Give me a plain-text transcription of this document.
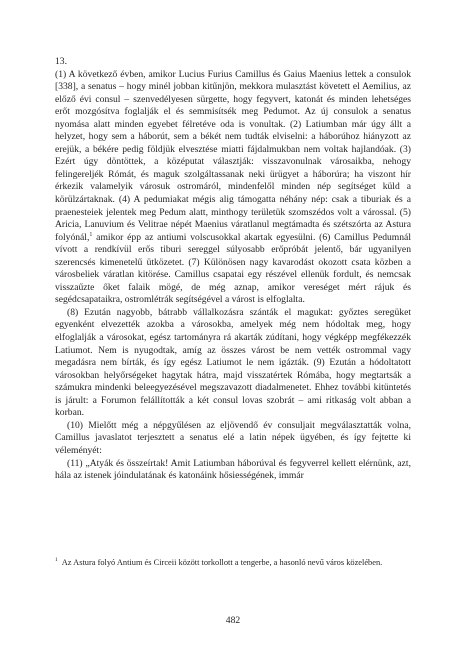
13.

(1) A következő évben, amikor Lucius Furius Camillus és Gaius Maenius lettek a consulok [338], a senatus – hogy minél jobban kitűnjön, mekkora mulasztást követett el Aemilius, az előző évi consul – szenvedélyesen sürgette, hogy fegyvert, katonát és minden lehetséges erőt mozgósítva foglalják el és semmisítsék meg Pedumot. Az új consulok a senatus nyomása alatt minden egyebet félretéve oda is vonultak. (2) Latiumban már úgy állt a helyzet, hogy sem a háborút, sem a békét nem tudták elviselni: a háborúhoz hiányzott az erejük, a békére pedig földjük elvesztése miatti fájdalmukban nem voltak hajlandóak. (3) Ezért úgy döntöttek, a középutat választják: visszavonulnak városaikba, nehogy felingereljék Rómát, és maguk szolgáltassanak neki ürügyet a háborúra; ha viszont hír érkezik valamelyik városuk ostromáról, mindenfelől minden nép segítséget küld a körülzártaknak. (4) A pedumiakat mégis alig támogatta néhány nép: csak a tiburiak és a praenesteiek jelentek meg Pedum alatt, minthogy területük szomszédos volt a várossal. (5) Aricia, Lanuvium és Velitrae népét Maenius váratlanul megtámadta és szétszórta az Astura folyónál,$^1$ amikor épp az antiumi volscusokkal akartak egyesülni. (6) Camillus Pedumnál vívott a rendkívül erős tiburi sereggel súlyosabb erőpróbát jelentő, bár ugyanilyen szerencsés kimenetelű ütközetet. (7) Különösen nagy kavarodást okozott csata közben a városbeliek váratlan kitörése. Camillus csapatai egy részével ellenük fordult, és nemcsak visszaűzte őket falaik mögé, de még aznap, amikor vereséget mért rájuk és segédcsapataikra, ostromlétrák segítségével a várost is elfoglalta.

(8) Ezután nagyobb, bátrabb vállalkozásra szánták el magukat: győztes seregüket egyenként elvezették azokba a városokba, amelyek még nem hódoltak meg, hogy elfoglalják a városokat, egész tartományra rá akarták zúdítani, hogy végképp megfékezzék Latiumot. Nem is nyugodtak, amíg az összes várost be nem vették ostrommal vagy megadásra nem bírták, és így egész Latiumot le nem igázták. (9) Ezután a hódoltatott városokban helyőrségeket hagytak hátra, majd visszatértek Rómába, hogy megtartsák a számukra mindenki beleegyezésével megszavazott diadalmenetet. Ehhez további kitüntetés is járult: a Forumon felállították a két consul lovas szobrát – ami ritkaság volt abban a korban.

(10) Mielőtt még a népgyűlésen az eljövendő év consuljait megválasztatták volna, Camillus javaslatot terjesztett a senatus elé a latin népek ügyében, és így fejtette ki véleményét:

(11) „Atyák és összeírtak! Amit Latiumban háborúval és fegyverrel kellett elérnünk, azt, hála az istenek jóindulatának és katonáink hősiességének, immár

$^1$ Az Astura folyó Antium és Circeii között torkollott a tengerbe, a hasonló nevű város közelében.
482
